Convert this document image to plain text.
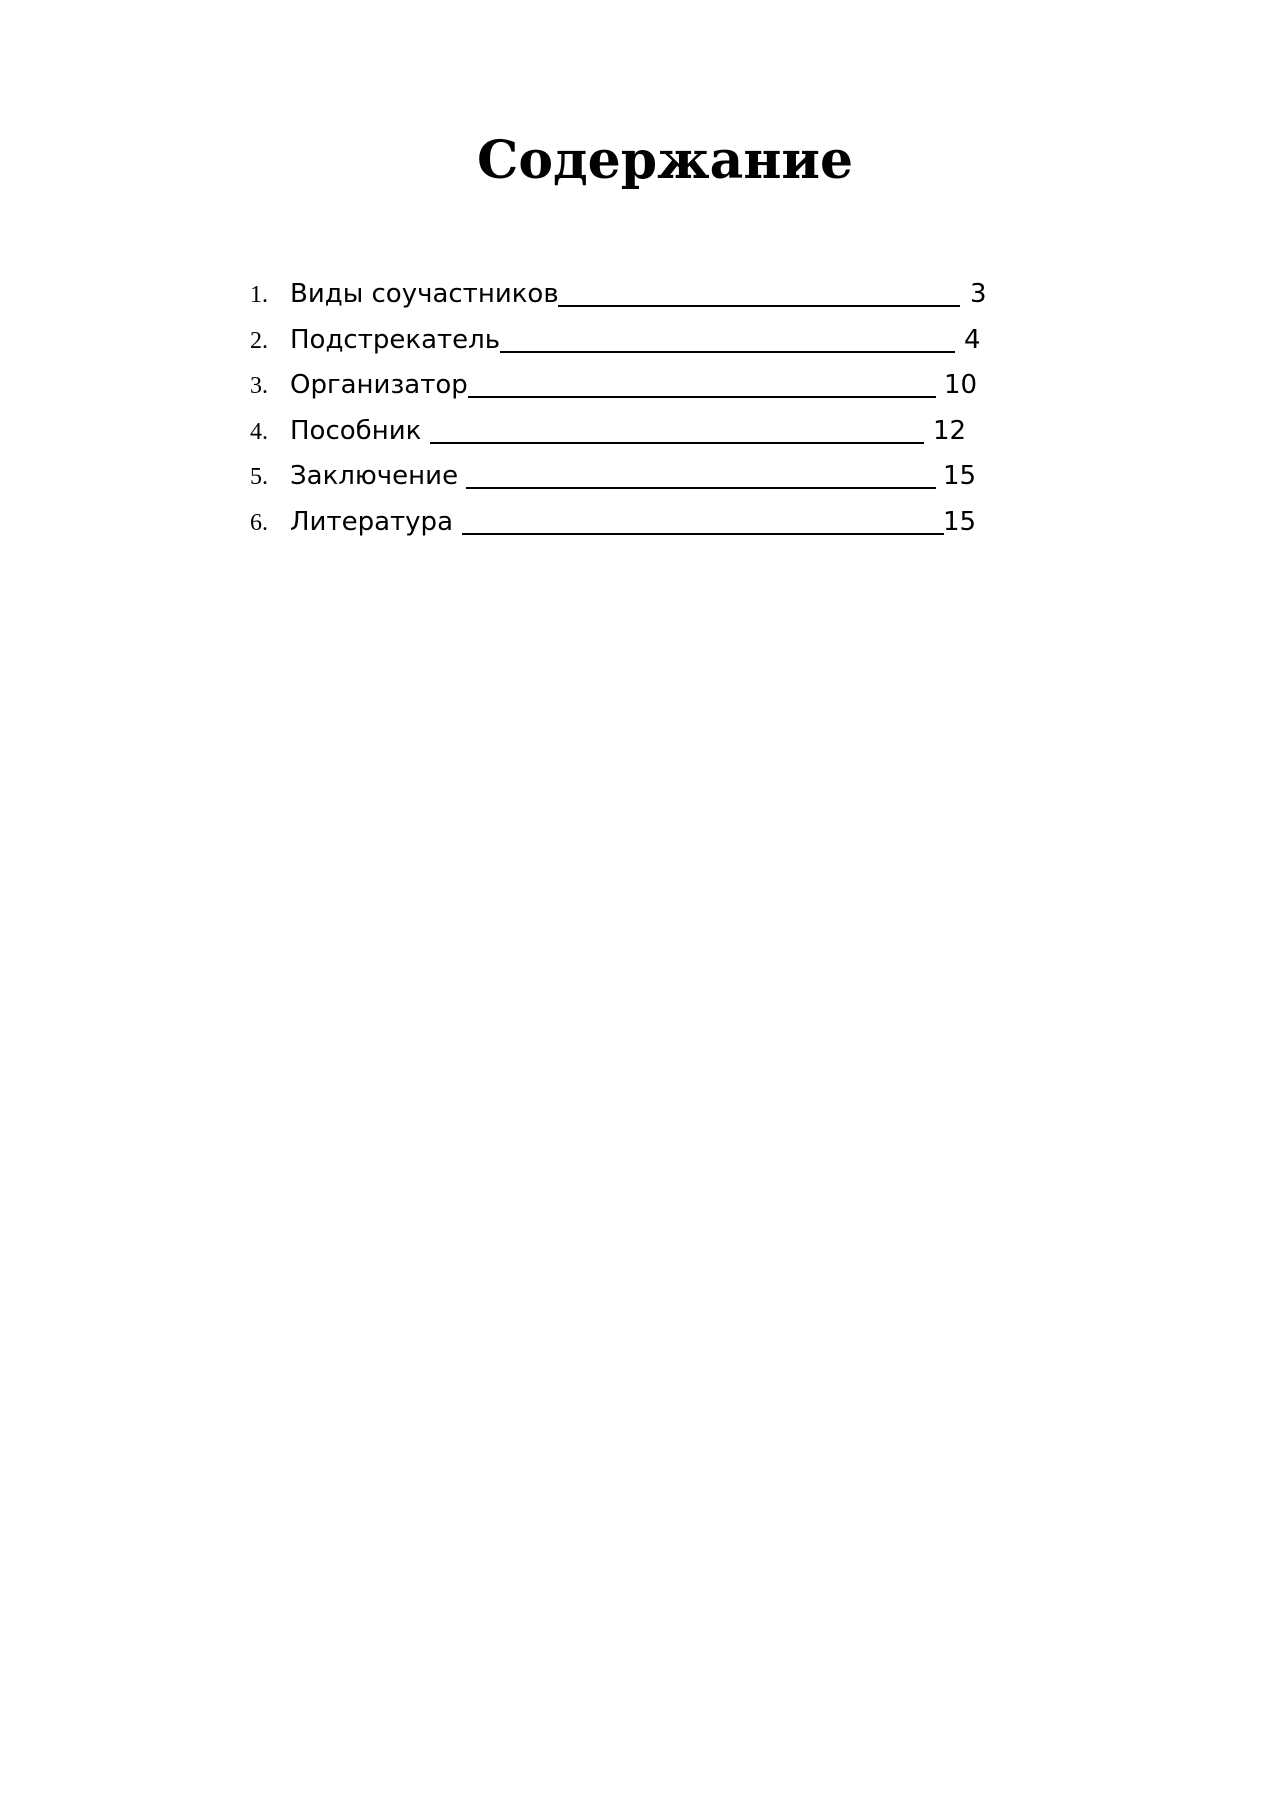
Содержание
1. Виды соучастников	3
2. Подстрекатель	4
3. Организатор	10
4. Пособник	12
5. Заключение	15
6. Литература	15
